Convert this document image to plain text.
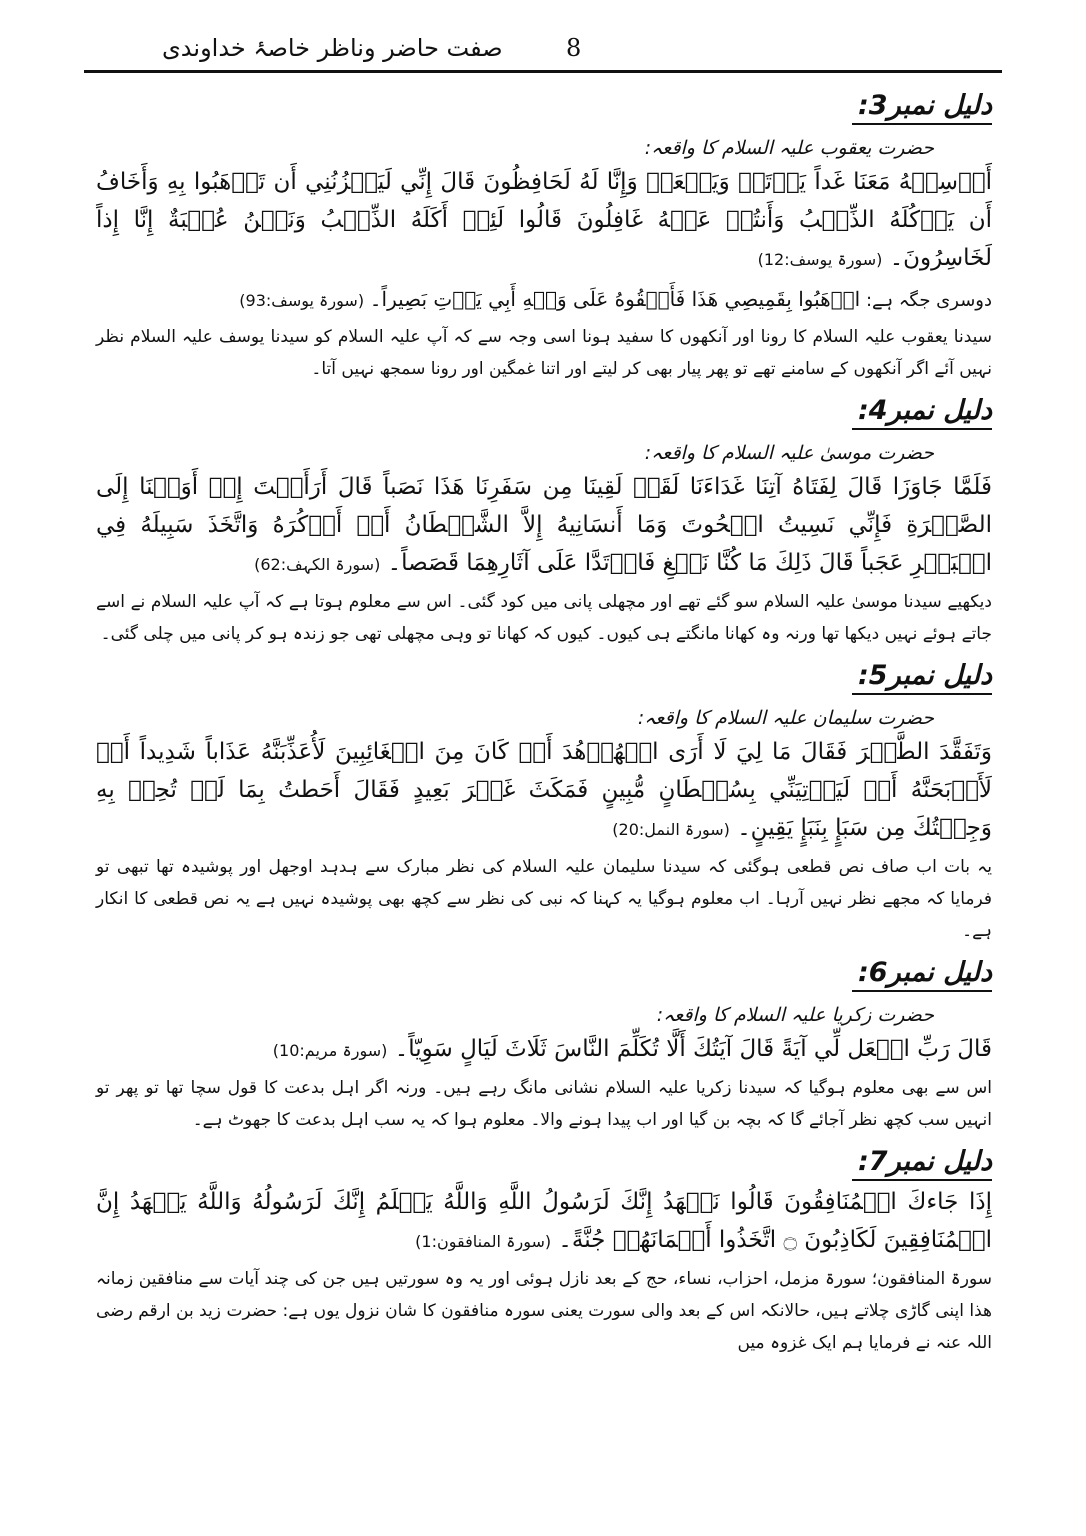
صفت حاضر وناظر خاصۂ خداوندی	8
دلیل نمبر3:
حضرت یعقوب علیہ السلام کا واقعہ:
أَرۡسِلۡهُ مَعَنَا غَداً يَرۡتَعۡ وَيَلۡعَبۡ وَإِنَّا لَهُ لَحَافِظُونَ قَالَ إِنِّي لَيَحۡزُنُنِي أَن تَذۡهَبُوا بِهِ وَأَخَافُ أَن يَأۡكُلَهُ الذِّئۡبُ وَأَنتُمۡ عَنۡهُ غَافِلُونَ قَالُوا لَئِنۡ أَكَلَهُ الذِّئۡبُ وَنَحۡنُ عُصۡبَةٌ إِنَّا إِذاً لَخَاسِرُونَ۔ (سورۃ یوسف:12)
دوسری جگہ ہے: اذۡهَبُوا بِقَمِيصِي هَذَا فَأَلۡقُوهُ عَلَى وَجۡهِ أَبِي يَأۡتِ بَصِيراً۔ (سورۃ یوسف:93)
سیدنا یعقوب علیہ السلام کا رونا اور آنکھوں کا سفید ہونا اسی وجہ سے کہ آپ علیہ السلام کو سیدنا یوسف علیہ السلام نظر نہیں آئے اگر آنکھوں کے سامنے تھے تو پھر پیار بھی کر لیتے اور اتنا غمگین اور رونا سمجھ نہیں آتا۔
دلیل نمبر4:
حضرت موسیٰ علیہ السلام کا واقعہ:
فَلَمَّا جَاوَزَا قَالَ لِفَتَاهُ آتِنَا غَدَاءَنَا لَقَدۡ لَقِينَا مِن سَفَرِنَا هَذَا نَصَباً قَالَ أَرَأَيۡتَ إِذۡ أَوَيۡنَا إِلَى الصَّخۡرَةِ فَإِنِّي نَسِيتُ الۡحُوتَ وَمَا أَنسَانِيهُ إِلاَّ الشَّيۡطَانُ أَنۡ أَذۡكُرَهُ وَاتَّخَذَ سَبِيلَهُ فِي الۡبَحۡرِ عَجَباً قَالَ ذَلِكَ مَا كُنَّا نَبۡغِ فَارۡتَدَّا عَلَى آثَارِهِمَا قَصَصاً۔ (سورۃ الکہف:62)
دیکھیے سیدنا موسیٰ علیہ السلام سو گئے تھے اور مچھلی پانی میں کود گئی۔ اس سے معلوم ہوتا ہے کہ آپ علیہ السلام نے اسے جاتے ہوئے نہیں دیکھا تھا ورنہ وہ کھانا مانگتے ہی کیوں۔ کیوں کہ کھانا تو وہی مچھلی تھی جو زندہ ہو کر پانی میں چلی گئی۔
دلیل نمبر5:
حضرت سلیمان علیہ السلام کا واقعہ:
وَتَفَقَّدَ الطَّيۡرَ فَقَالَ مَا لِيَ لَا أَرَى الۡهُدۡهُدَ أَمۡ كَانَ مِنَ الۡغَائِبِينَ لَأُعَذِّبَنَّهُ عَذَاباً شَدِيداً أَوۡ لَأَذۡبَحَنَّهُ أَوۡ لَيَأۡتِيَنِّي بِسُلۡطَانٍ مُّبِينٍ فَمَكَثَ غَيۡرَ بَعِيدٍ فَقَالَ أَحَطتُ بِمَا لَمۡ تُحِطۡ بِهِ وَجِئۡتُكَ مِن سَبَإٍ بِنَبَإٍ يَقِينٍ۔ (سورۃ النمل:20)
یہ بات اب صاف نص قطعی ہوگئی کہ سیدنا سلیمان علیہ السلام کی نظر مبارک سے ہدہد اوجھل اور پوشیدہ تھا تبھی تو فرمایا کہ مجھے نظر نہیں آرہا۔ اب معلوم ہوگیا یہ کہنا کہ نبی کی نظر سے کچھ بھی پوشیدہ نہیں ہے یہ نص قطعی کا انکار ہے۔
دلیل نمبر6:
حضرت زکریا علیہ السلام کا واقعہ:
قَالَ رَبِّ اجۡعَل لِّي آيَةً قَالَ آيَتُكَ أَلَّا تُكَلِّمَ النَّاسَ ثَلَاثَ لَيَالٍ سَوِيّاً۔ (سورۃ مریم:10)
اس سے بھی معلوم ہوگیا کہ سیدنا زکریا علیہ السلام نشانی مانگ رہے ہیں۔ ورنہ اگر اہل بدعت کا قول سچا تھا تو پھر تو انہیں سب کچھ نظر آجائے گا کہ بچہ بن گیا اور اب پیدا ہونے والا۔ معلوم ہوا کہ یہ سب اہل بدعت کا جھوٹ ہے۔
دلیل نمبر7:
إِذَا جَاءكَ الۡمُنَافِقُونَ قَالُوا نَشۡهَدُ إِنَّكَ لَرَسُولُ اللَّهِ وَاللَّهُ يَعۡلَمُ إِنَّكَ لَرَسُولُهُ وَاللَّهُ يَشۡهَدُ إِنَّ الۡمُنَافِقِينَ لَكَاذِبُونَ ۝ اتَّخَذُوا أَيۡمَانَهُمۡ جُنَّةً۔ (سورۃ المنافقون:1)
سورۃ المنافقون؛ سورۃ مزمل، احزاب، نساء، حج کے بعد نازل ہوئی اور یہ وہ سورتیں ہیں جن کی چند آیات سے منافقین زمانہ ھذا اپنی گاڑی چلاتے ہیں، حالانکہ اس کے بعد والی سورت یعنی سورہ منافقون کا شان نزول یوں ہے: حضرت زید بن ارقم رضی اللہ عنہ نے فرمایا ہم ایک غزوہ میں
